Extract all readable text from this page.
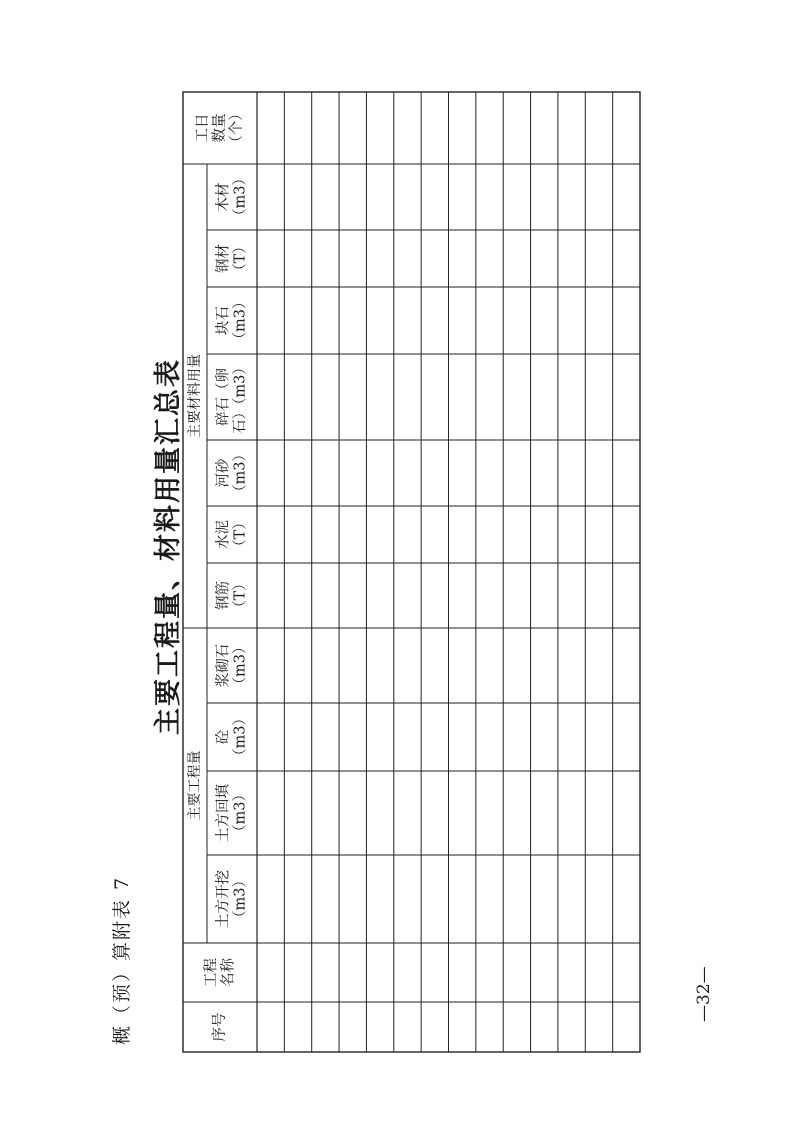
概（预）算附表 7
主要工程量、材料用量汇总表
—32—
主要工程量
主要材料用量
序号
工程 名称
土方开挖 （m3）
土方回填 （m3）
砼 （m3）
浆砌石 （m3）
钢筋 （T）
水泥 （T）
河砂 （m3）
碎石（卵 石）（m3）
块石 （m3）
钢材 （T）
木材 （m3）
工日 数量 （个）
